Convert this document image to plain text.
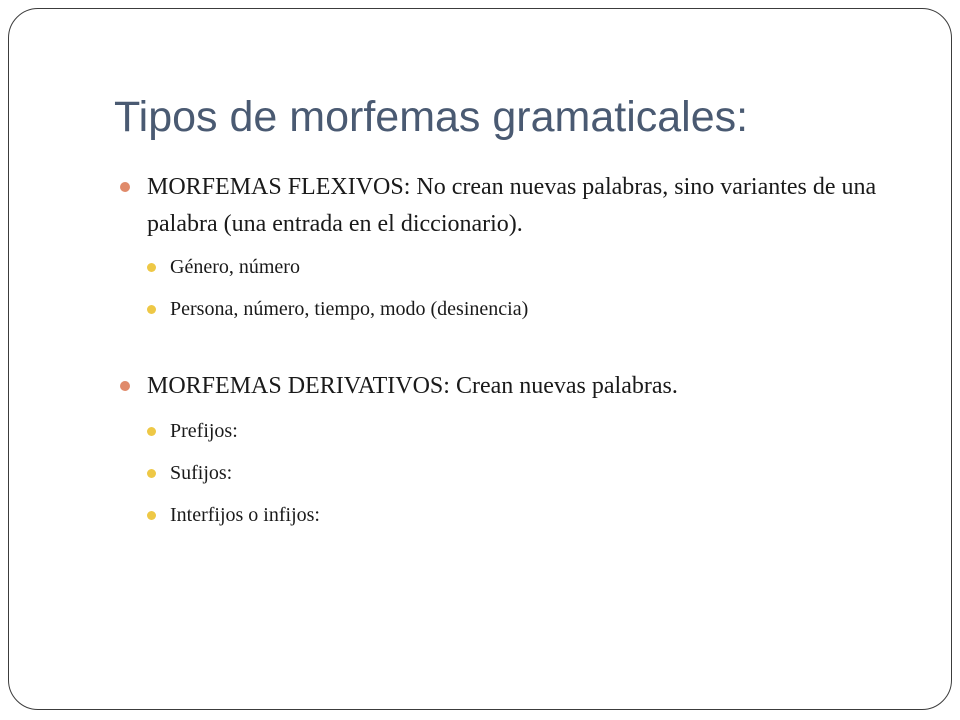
Tipos de morfemas gramaticales:
MORFEMAS FLEXIVOS: No crean nuevas palabras, sino variantes de una palabra (una entrada en el diccionario).
Género, número
Persona, número, tiempo, modo (desinencia)
MORFEMAS DERIVATIVOS: Crean nuevas palabras.
Prefijos:
Sufijos:
Interfijos o infijos:
